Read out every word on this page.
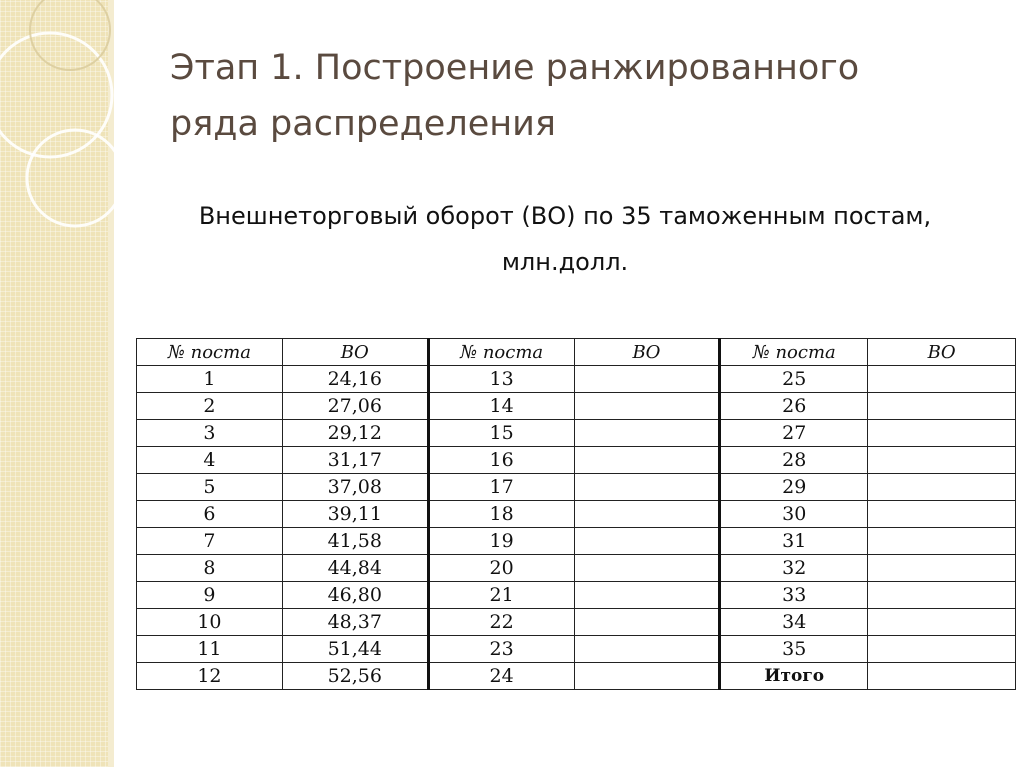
Этап 1. Построение ранжированного
ряда распределения
Внешнеторговый оборот (ВО) по 35 таможенным постам,
млн.долл.
№ поста	ВО	№ поста	ВО	№ поста	ВО
1	24,16	13		25	
2	27,06	14		26	
3	29,12	15		27	
4	31,17	16		28	
5	37,08	17		29	
6	39,11	18		30	
7	41,58	19		31	
8	44,84	20		32	
9	46,80	21		33	
10	48,37	22		34	
11	51,44	23		35	
12	52,56	24		Итого	
